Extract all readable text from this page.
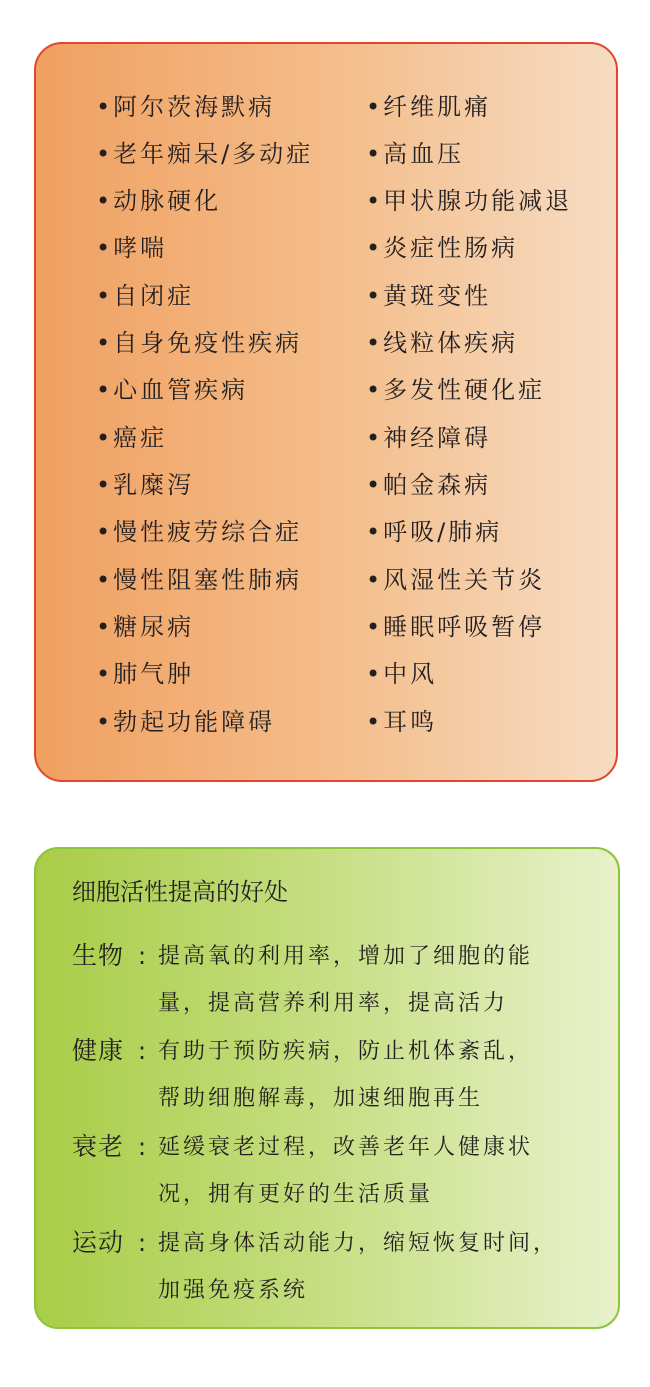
•阿尔茨海默病
•老年痴呆/多动症
•动脉硬化
•哮喘
•自闭症
•自身免疫性疾病
•心血管疾病
•癌症
•乳糜泻
•慢性疲劳综合症
•慢性阻塞性肺病
•糖尿病
•肺气肿
•勃起功能障碍
•纤维肌痛
•高血压
•甲状腺功能减退
•炎症性肠病
•黄斑变性
•线粒体疾病
•多发性硬化症
•神经障碍
•帕金森病
•呼吸/肺病
•风湿性关节炎
•睡眠呼吸暂停
•中风
•耳鸣
细胞活性提高的好处
生物 : 提高氧的利用率，增加了细胞的能
量，提高营养利用率，提高活力
健康 : 有助于预防疾病，防止机体紊乱，
帮助细胞解毒，加速细胞再生
衰老 : 延缓衰老过程，改善老年人健康状
况，拥有更好的生活质量
运动 : 提高身体活动能力，缩短恢复时间，
加强免疫系统
